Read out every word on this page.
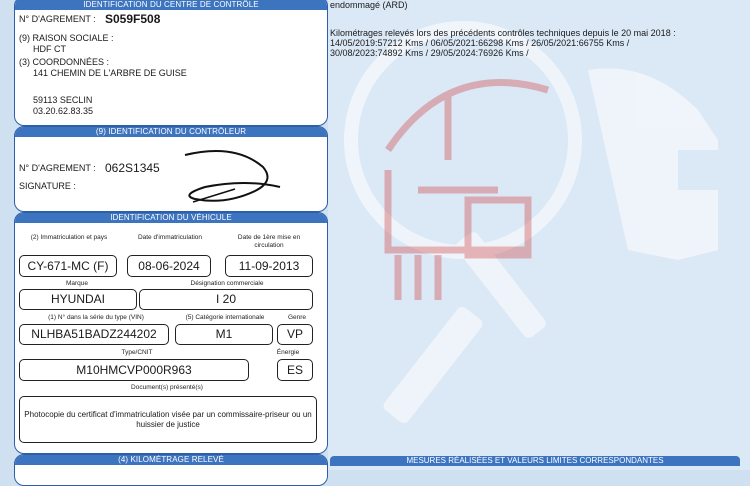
endommagé (ARD)
Kilométrages relevés lors des précédents contrôles techniques depuis le 20 mai 2018 :
14/05/2019:57212 Kms / 06/05/2021:66298 Kms / 26/05/2021:66755 Kms /
30/08/2023:74892 Kms / 29/05/2024:76926 Kms /
MESURES RÉALISÉES ET VALEURS LIMITES CORRESPONDANTES
IDENTIFICATION DU CENTRE DE CONTRÔLE
N° D'AGREMENT : S059F508
(9) RAISON SOCIALE :
HDF CT
(3) COORDONNÉES :
141 CHEMIN DE L'ARBRE DE GUISE
59113 SECLIN
03.20.62.83.35
(9) IDENTIFICATION DU CONTRÔLEUR
N° D'AGREMENT : 062S1345
SIGNATURE :
IDENTIFICATION DU VÉHICULE
(2) Immatriculation et pays	Date d'immatriculation	Date de 1ère mise en circulation
CY-671-MC (F)	08-06-2024	11-09-2013
Marque	Désignation commerciale
HYUNDAI	I 20
(1) N° dans la série du type (VIN)	(5) Catégorie internationale	Genre
NLHBA51BADZ244202	M1	VP
Type/CNIT	Énergie
M10HMCVP000R963	ES
Document(s) présenté(s)
Photocopie du certificat d'immatriculation visée par un commissaire-priseur ou un huissier de justice
(4) KILOMÉTRAGE RELEVÉ
